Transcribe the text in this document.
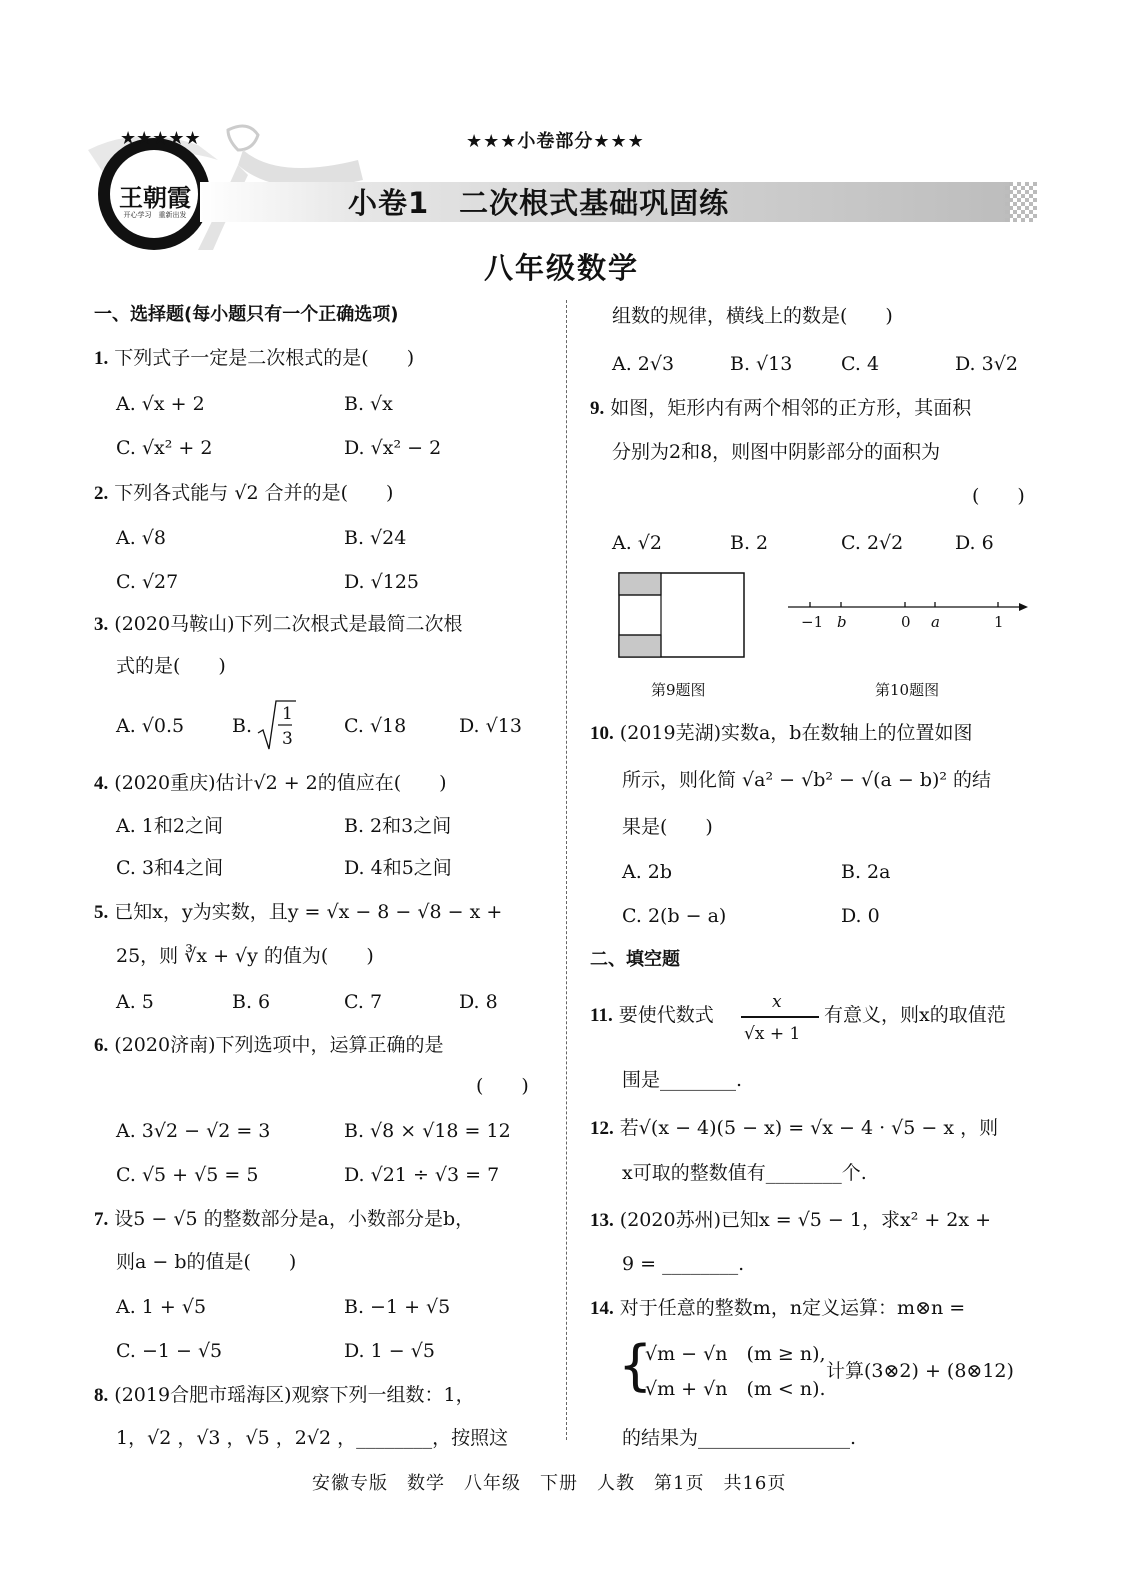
王朝霞
开心学习　重新出发
★★★★★	★★★小卷部分★★★
小卷1　二次根式基础巩固练
八年级数学
一、选择题(每小题只有一个正确选项)
1. 下列式子一定是二次根式的是(　　)
A. √x + 2	B. √x
C. √x² + 2	D. √x² − 2
2. 下列各式能与 √2 合并的是(　　)
A. √8	B. √24
C. √27	D. √125
3. (2020马鞍山)下列二次根式是最简二次根
式的是(　　)
A. √0.5	B.
1
3
C. √18	D. √13
4. (2020重庆)估计√2 + 2的值应在(　　)
A. 1和2之间	B. 2和3之间
C. 3和4之间	D. 4和5之间
5. 已知x，y为实数，且y = √x − 8 − √8 − x +
25，则 ∛x + √y 的值为(　　)
A. 5	B. 6	C. 7	D. 8
6. (2020济南)下列选项中，运算正确的是
(　　)
A. 3√2 − √2 = 3	B. √8 × √18 = 12
C. √5 + √5 = 5	D. √21 ÷ √3 = 7
7. 设5 − √5 的整数部分是a，小数部分是b，
则a − b的值是(　　)
A. 1 + √5	B. −1 + √5
C. −1 − √5	D. 1 − √5
8. (2019合肥市瑶海区)观察下列一组数：1，
1，√2 ，√3 ，√5 ，2√2 ，________，按照这
组数的规律，横线上的数是(　　)
A. 2√3	B. √13	C. 4	D. 3√2
9. 如图，矩形内有两个相邻的正方形，其面积
分别为2和8，则图中阴影部分的面积为
(　　)
A. √2	B. 2	C. 2√2	D. 6
−1 b	0 a	1
第9题图	第10题图
10. (2019芜湖)实数a，b在数轴上的位置如图
所示，则化简 √a² − √b² − √(a − b)² 的结
果是(　　)
A. 2b	B. 2a
C. 2(b − a)	D. 0
二、填空题
11. 要使代数式
x
√x + 1
有意义，则x的取值范
围是________.
12. 若√(x − 4)(5 − x) = √x − 4 · √5 − x ，则
x可取的整数值有________个.
13. (2020苏州)已知x = √5 − 1，求x² + 2x +
9 = ________.
14. 对于任意的整数m，n定义运算：m⊗n =
{
√m − √n　(m ≥ n),
√m + √n　(m < n).
计算(3⊗2) + (8⊗12)
的结果为________________.
安徽专版　数学　八年级　下册　人教　第1页　共16页
